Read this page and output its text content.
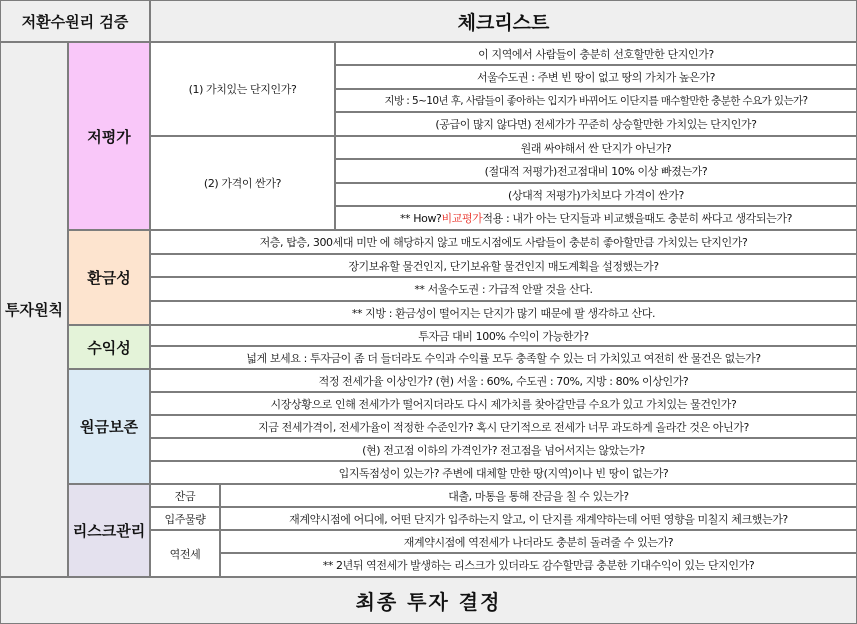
저환수원리 검증	체크리스트
투자원칙
저평가
환금성
수익성
원금보존
리스크관리
(1) 가치있는 단지인가?
(2) 가격이 싼가?
잔금
입주물량
역전세
이 지역에서 사람들이 충분히 선호할만한 단지인가?
서울수도권 : 주변 빈 땅이 없고 땅의 가치가 높은가?
지방 : 5~10년 후, 사람들이 좋아하는 입지가 바뀌어도 이단지를 매수할만한 충분한 수요가 있는가?
(공급이 많지 않다면) 전세가가 꾸준히 상승할만한 가치있는 단지인가?
원래 싸야해서 싼 단지가 아닌가?
(절대적 저평가)전고점대비 10% 이상 빠졌는가?
(상대적 저평가)가치보다 가격이 싼가?
** How? 비교평가 적용 : 내가 아는 단지들과 비교했을때도 충분히 싸다고 생각되는가?
저층, 탑층, 300세대 미만 에 해당하지 않고 매도시점에도 사람들이 충분히 좋아할만큼 가치있는 단지인가?
장기보유할 물건인지, 단기보유할 물건인지 매도계획을 설정했는가?
** 서울수도권 : 가급적 안팔 것을 산다.
** 지방 : 환금성이 떨어지는 단지가 많기 때문에 팔 생각하고 산다.
투자금 대비 100% 수익이 가능한가?
넓게 보세요 : 투자금이 좀 더 들더라도 수익과 수익률 모두 충족할 수 있는 더 가치있고 여전히 싼 물건은 없는가?
적정 전세가율 이상인가? (현) 서울 : 60%, 수도권 : 70%, 지방 : 80% 이상인가?
시장상황으로 인해 전세가가 떨어지더라도 다시 제가치를 찾아갈만큼 수요가 있고 가치있는 물건인가?
지금 전세가격이, 전세가율이 적정한 수준인가? 혹시 단기적으로 전세가 너무 과도하게 올라간 것은 아닌가?
(현) 전고점 이하의 가격인가? 전고점을 넘어서지는 않았는가?
입지독점성이 있는가? 주변에 대체할 만한 땅(지역)이나 빈 땅이 없는가?
대출, 마통을 통해 잔금을 칠 수 있는가?
재계약시점에 어디에, 어떤 단지가 입주하는지 알고, 이 단지를 재계약하는데 어떤 영향을 미칠지 체크했는가?
재계약시점에 역전세가 나더라도 충분히 돌려줄 수 있는가?
** 2년뒤 역전세가 발생하는 리스크가 있더라도 감수할만큼 충분한 기대수익이 있는 단지인가?
최종 투자 결정
